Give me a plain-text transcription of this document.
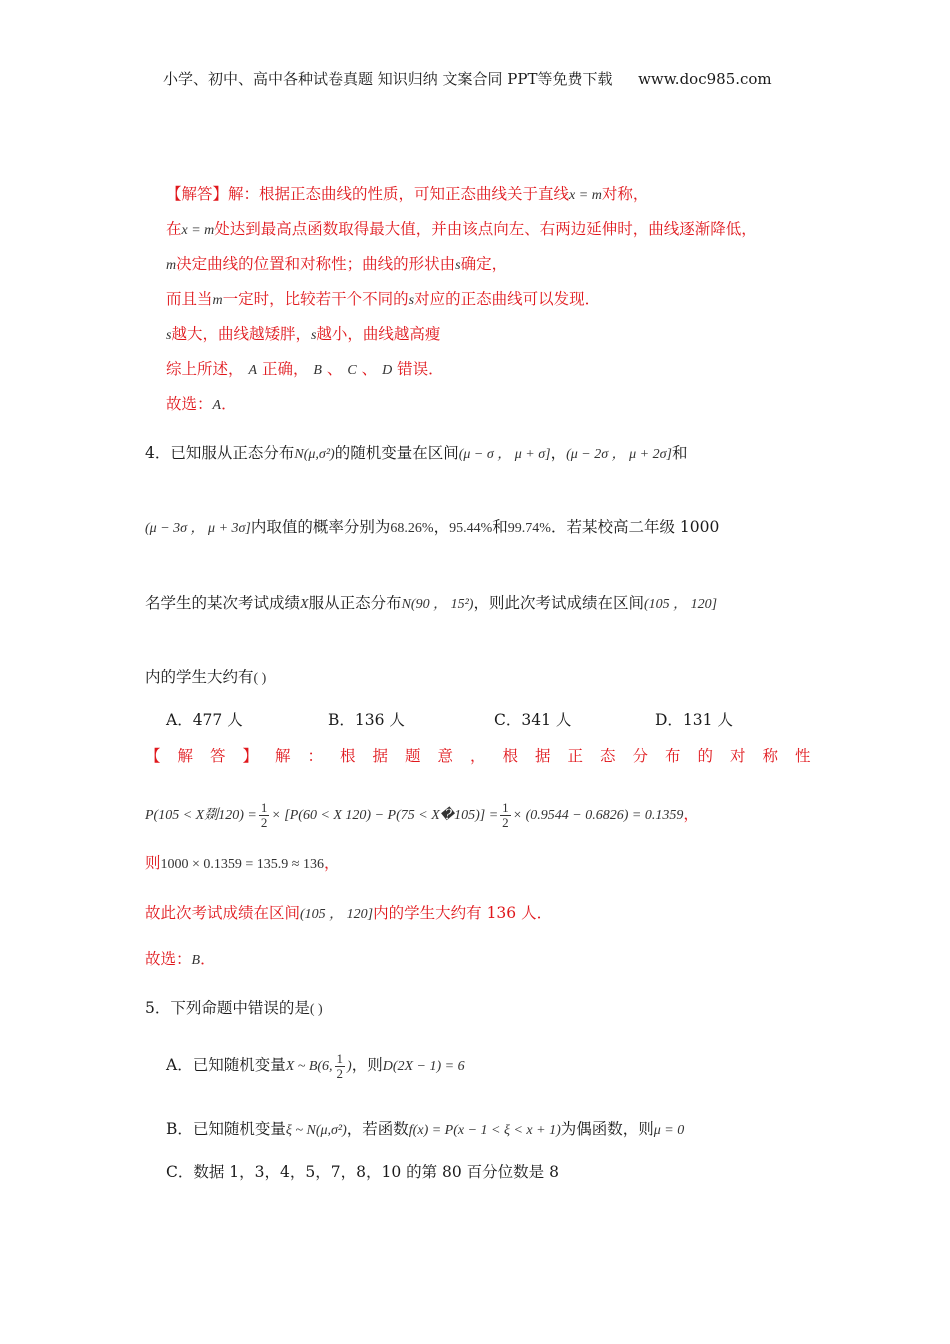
小学、初中、高中各种试卷真题 知识归纳 文案合同 PPT等免费下载 www.doc985.com
【解答】解：根据正态曲线的性质，可知正态曲线关于直线x = m对称，
在x = m处达到最高点函数取得最大值，并由该点向左、右两边延伸时，曲线逐渐降低，
m决定曲线的位置和对称性；曲线的形状由s确定，
而且当m一定时，比较若干个不同的s对应的正态曲线可以发现．
s越大，曲线越矮胖，s越小，曲线越高瘦
综上所述， A 正确， B 、 C 、 D 错误．
故选：A．
4．已知服从正态分布N(μ,σ²)的随机变量在区间(μ − σ ， μ + σ]，(μ − 2σ ， μ + 2σ]和
(μ − 3σ ， μ + 3σ]内取值的概率分别为68.26%，95.44%和99.74%．若某校高二年级 1000
名学生的某次考试成绩X服从正态分布N(90 ， 15²)，则此次考试成绩在区间(105 ， 120]
内的学生大约有( )
A．477 人	B．136 人	C．341 人	D．131 人
【解答】解：根据题意，根据正态分布的对称性
P(105 < X剟$120) = \frac{1}{2} \times [P(60 < X$ 120) − P(75 < X�105)] = $\frac{1}{2} \times (0.9544 - 0.6826) = 0.1359$，
则1000 × 0.1359 = 135.9 ≈ 136，
故此次考试成绩在区间(105 ， 120]内的学生大约有 136 人．
故选：B．
5．下列命题中错误的是( )
A．已知随机变量X ~ B(6, $\frac{1}{2}$ )，则D(2X − 1) = 6
B．已知随机变量ξ ~ N(μ,σ²)，若函数f(x) = P(x − 1 < ξ < x + 1)为偶函数，则μ = 0
C．数据 1，3，4，5，7，8，10 的第 80 百分位数是 8
